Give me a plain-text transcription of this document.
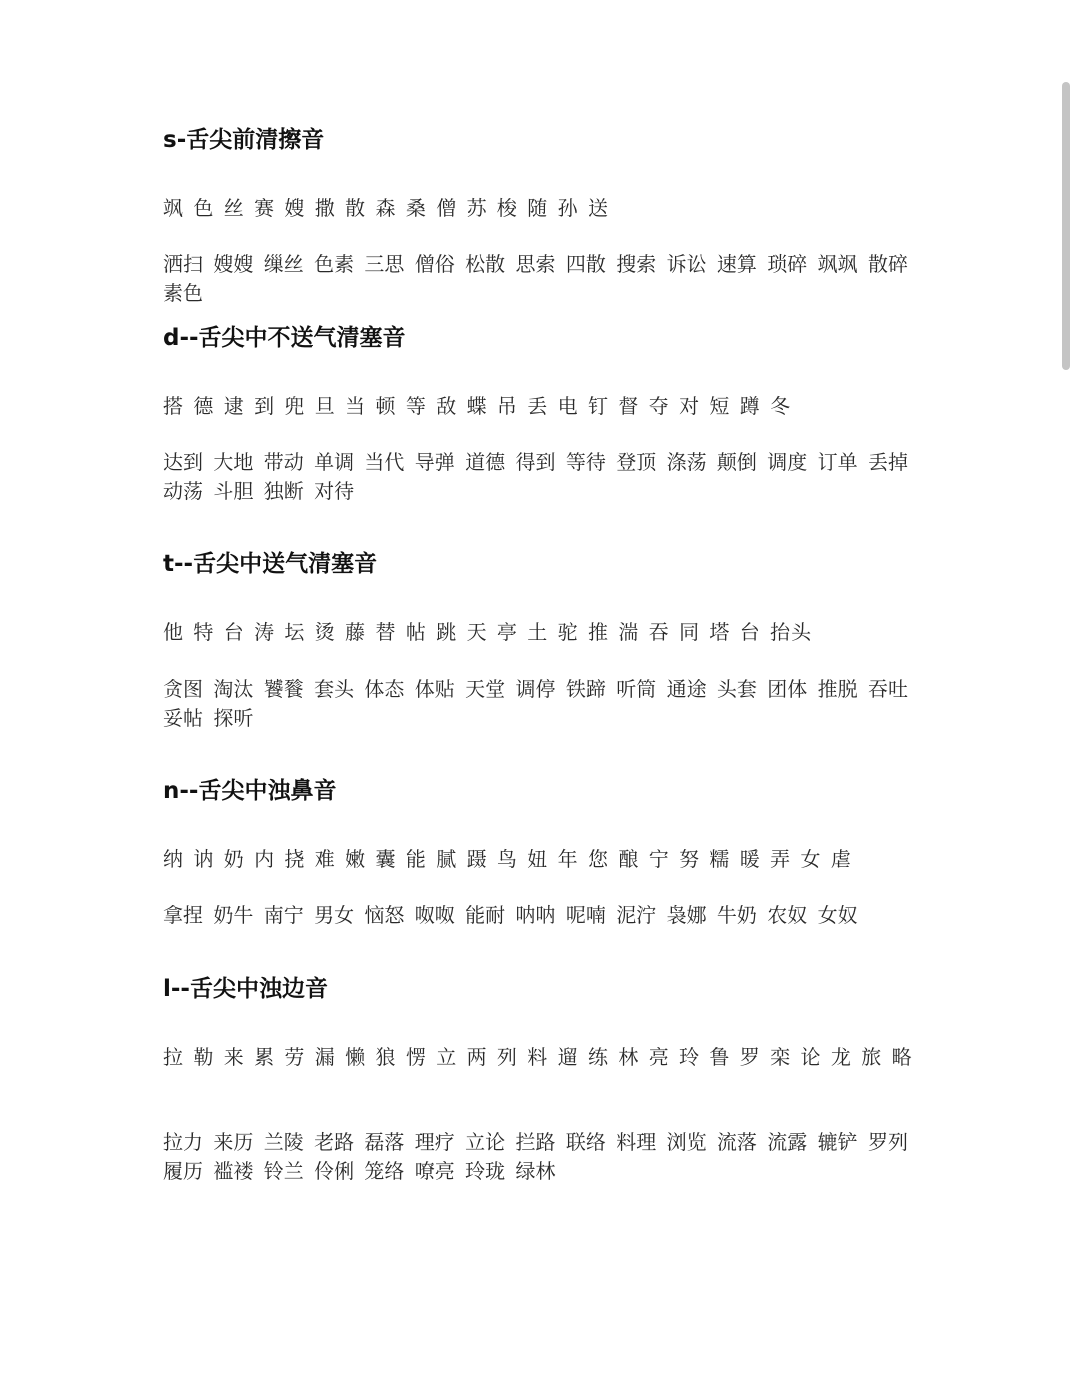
s-舌尖前清擦音

飒 色 丝 赛 嫂 撒 散 森 桑 僧 苏 梭 随 孙 送

洒扫 嫂嫂 缫丝 色素 三思 僧俗 松散 思索 四散 搜索 诉讼 速算 琐碎 飒飒 散碎 素色

d--舌尖中不送气清塞音

搭 德 逮 到 兜 旦 当 顿 等 敌 蝶 吊 丢 电 钉 督 夺 对 短 蹲 冬

达到 大地 带动 单调 当代 导弹 道德 得到 等待 登顶 涤荡 颠倒 调度 订单 丢掉 动荡 斗胆 独断 对待

t--舌尖中送气清塞音

他 特 台 涛 坛 烫 藤 替 帖 跳 天 亭 土 驼 推 湍 吞 同 塔 台 抬头

贪图 淘汰 饕餮 套头 体态 体贴 天堂 调停 铁蹄 听筒 通途 头套 团体 推脱 吞吐 妥帖 探听

n--舌尖中浊鼻音

纳 讷 奶 内 挠 难 嫩 囊 能 腻 蹑 鸟 妞 年 您 酿 宁 努 糯 暖 弄 女 虐

拿捏 奶牛 南宁 男女 恼怒 呶呶 能耐 呐呐 呢喃 泥泞 袅娜 牛奶 农奴 女奴

l--舌尖中浊边音

拉 勒 来 累 劳 漏 懒 狼 愣 立 两 列 料 遛 练 林 亮 玲 鲁 罗 栾 论 龙 旅 略

拉力 来历 兰陵 老路 磊落 理疗 立论 拦路 联络 料理 浏览 流落 流露 辘铲 罗列 履历 褴褛 铃兰 伶俐 笼络 嘹亮 玲珑 绿林
